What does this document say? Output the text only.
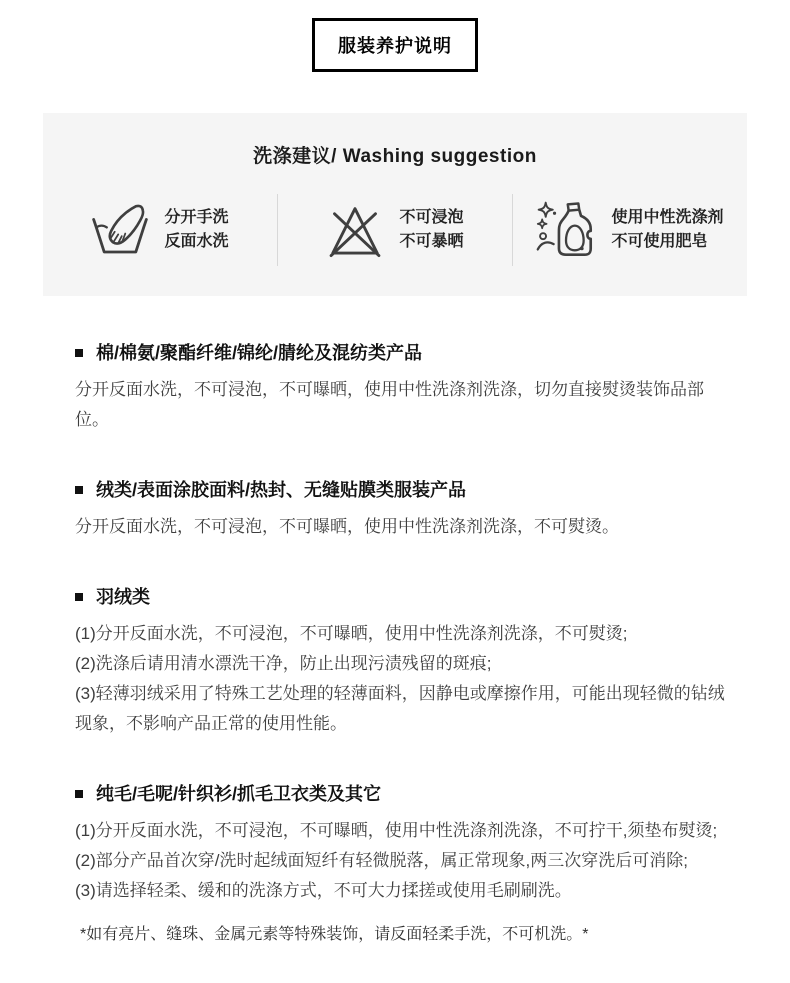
服装养护说明
洗涤建议/ Washing suggestion
分开手洗
反面水洗
不可浸泡
不可暴晒
使用中性洗涤剂
不可使用肥皂
棉/棉氨/聚酯纤维/锦纶/腈纶及混纺类产品

分开反面水洗，不可浸泡，不可曝晒，使用中性洗涤剂洗涤，切勿直接熨烫装饰品部位。

绒类/表面涂胶面料/热封、无缝贴膜类服装产品

分开反面水洗，不可浸泡，不可曝晒，使用中性洗涤剂洗涤，不可熨烫。

羽绒类

(1)分开反面水洗，不可浸泡，不可曝晒，使用中性洗涤剂洗涤，不可熨烫;

(2)洗涤后请用清水漂洗干净，防止出现污渍残留的斑痕;

(3)轻薄羽绒采用了特殊工艺处理的轻薄面料，因静电或摩擦作用，可能出现轻微的钻绒现象，不影响产品正常的使用性能。

纯毛/毛呢/针织衫/抓毛卫衣类及其它

(1)分开反面水洗，不可浸泡，不可曝晒，使用中性洗涤剂洗涤，不可拧干,须垫布熨烫;

(2)部分产品首次穿/洗时起绒面短纤有轻微脱落，属正常现象,两三次穿洗后可消除;

(3)请选择轻柔、缓和的洗涤方式，不可大力揉搓或使用毛刷刷洗。

*如有亮片、缝珠、金属元素等特殊装饰，请反面轻柔手洗，不可机洗。*
